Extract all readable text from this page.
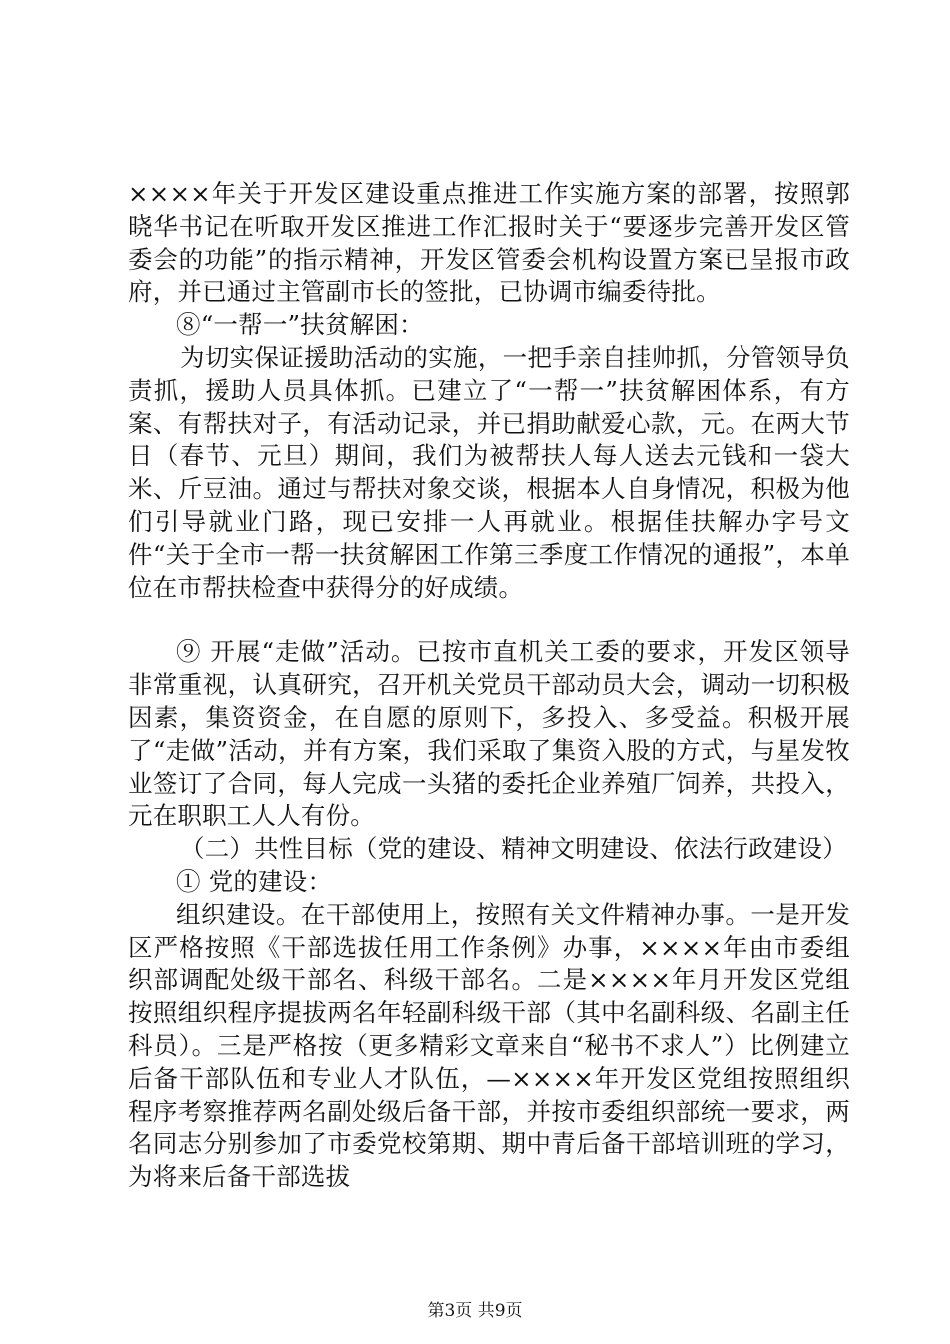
××××年关于开发区建设重点推进工作实施方案的部署，按照郭晓华书记在听取开发区推进工作汇报时关于“要逐步完善开发区管委会的功能”的指示精神，开发区管委会机构设置方案已呈报市政府，并已通过主管副市长的签批，已协调市编委待批。

⑧“一帮一”扶贫解困：

为切实保证援助活动的实施，一把手亲自挂帅抓，分管领导负责抓，援助人员具体抓。已建立了“一帮一”扶贫解困体系，有方案、有帮扶对子，有活动记录，并已捐助献爱心款，元。在两大节日（春节、元旦）期间，我们为被帮扶人每人送去元钱和一袋大米、斤豆油。通过与帮扶对象交谈，根据本人自身情况，积极为他们引导就业门路，现已安排一人再就业。根据佳扶解办字号文件“关于全市一帮一扶贫解困工作第三季度工作情况的通报”，本单位在市帮扶检查中获得分的好成绩。

⑨ 开展“走做”活动。已按市直机关工委的要求，开发区领导非常重视，认真研究，召开机关党员干部动员大会，调动一切积极因素，集资资金，在自愿的原则下，多投入、多受益。积极开展了“走做”活动，并有方案，我们采取了集资入股的方式，与星发牧业签订了合同，每人完成一头猪的委托企业养殖厂饲养，共投入，元在职职工人人有份。

（二）共性目标（党的建设、精神文明建设、依法行政建设）

① 党的建设：

组织建设。在干部使用上，按照有关文件精神办事。一是开发区严格按照《干部选拔任用工作条例》办事，××××年由市委组织部调配处级干部名、科级干部名。二是××××年月开发区党组按照组织程序提拔两名年轻副科级干部（其中名副科级、名副主任科员）。三是严格按（更多精彩文章来自“秘书不求人”）比例建立后备干部队伍和专业人才队伍，—××××年开发区党组按照组织程序考察推荐两名副处级后备干部，并按市委组织部统一要求，两名同志分别参加了市委党校第期、期中青后备干部培训班的学习，为将来后备干部选拔

第3页 共9页
